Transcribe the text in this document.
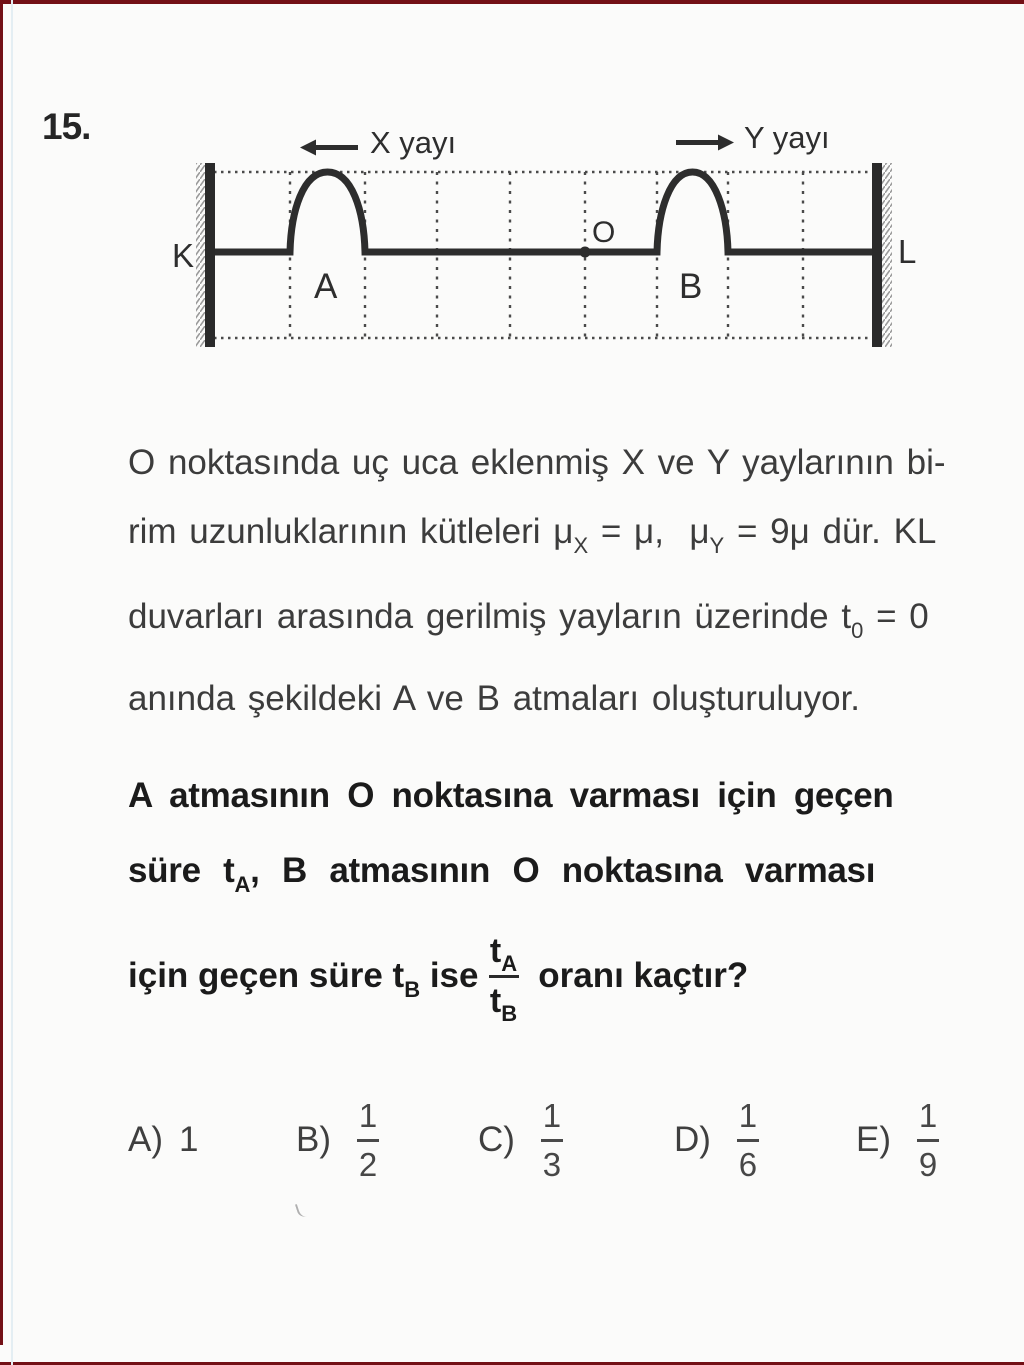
15.	X yayı	Y yayı
K	L
A	B
O
O noktasında uç uca eklenmiş X ve Y yaylarının bi-
rim uzunluklarının kütleleri $\mu_X = \mu$,  $\mu_Y = 9\mu$ dür. KL
duvarları arasında gerilmiş yayların üzerinde $t_0 = 0$
anında şekildeki A ve B atmaları oluşturuluyor.
A atmasının O noktasına varması için geçen
süre $t_A$, B atmasının O noktasına varması
için geçen süre $t_B$ ise $\frac{t_A}{t_B}$ oranı kaçtır?
A) 1	$B) \frac{1}{2}$	$C) \frac{1}{3}$	$D) \frac{1}{6}$	$E) \frac{1}{9}$
